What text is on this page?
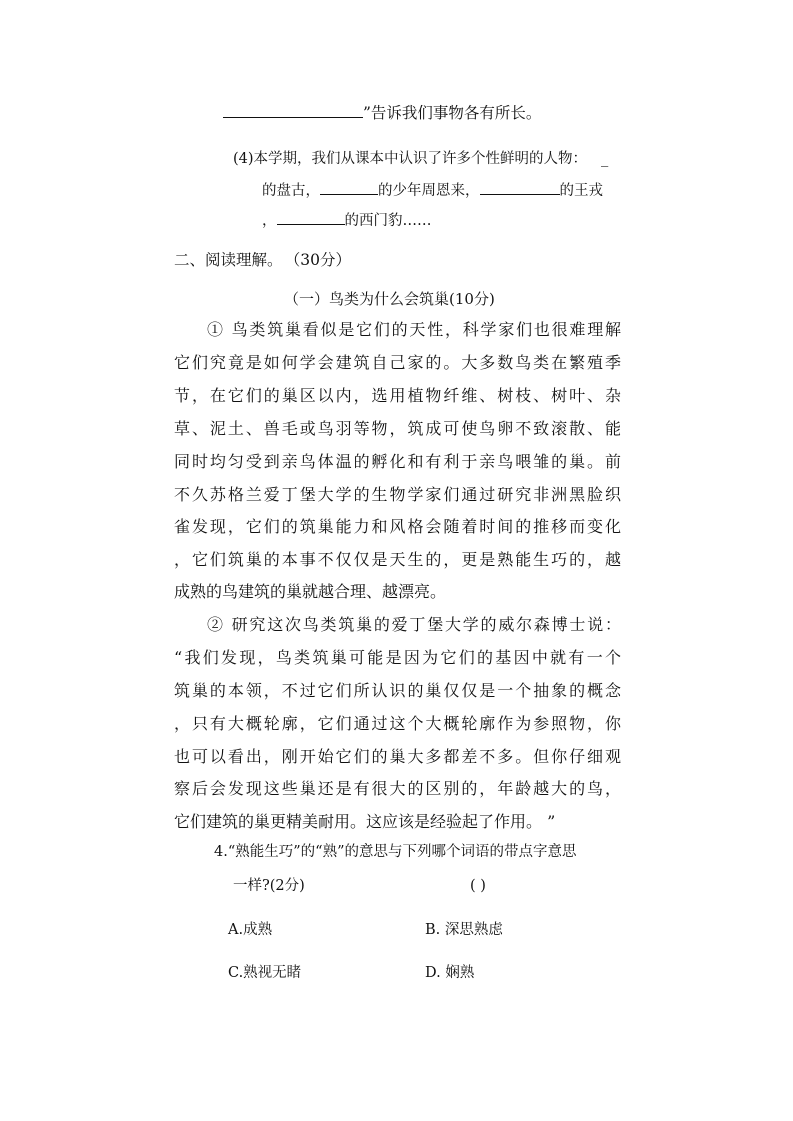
”告诉我们事物各有所长。
(4)本学期，我们从课本中认识了许多个性鲜明的人物： _
的盘古，	的少年周恩来，	的王戎
，	的西门豹……
二、阅读理解。 （30分）
（一）鸟类为什么会筑巢(10分)
① 鸟类筑巢看似是它们的天性，科学家们也很难理解
它们究竟是如何学会建筑自己家的。大多数鸟类在繁殖季
节，在它们的巢区以内，选用植物纤维、树枝、树叶、杂
草、泥土、兽毛或鸟羽等物，筑成可使鸟卵不致滚散、能
同时均匀受到亲鸟体温的孵化和有利于亲鸟喂雏的巢。前
不久苏格兰爱丁堡大学的生物学家们通过研究非洲黑脸织
雀发现，它们的筑巢能力和风格会随着时间的推移而变化
，它们筑巢的本事不仅仅是天生的，更是熟能生巧的，越
成熟的鸟建筑的巢就越合理、越漂亮。
② 研究这次鸟类筑巢的爱丁堡大学的威尔森博士说：
“我们发现，鸟类筑巢可能是因为它们的基因中就有一个
筑巢的本领，不过它们所认识的巢仅仅是一个抽象的概念
，只有大概轮廓，它们通过这个大概轮廓作为参照物，你
也可以看出，刚开始它们的巢大多都差不多。但你仔细观
察后会发现这些巢还是有很大的区别的，年龄越大的鸟，
它们建筑的巢更精美耐用。这应该是经验起了作用。 ”
4.“熟能生巧”的“熟”的意思与下列哪个词语的带点字意思
一样?(2分)	( )
A.成熟	B. 深思熟虑
C.熟视无睹	D. 娴熟
